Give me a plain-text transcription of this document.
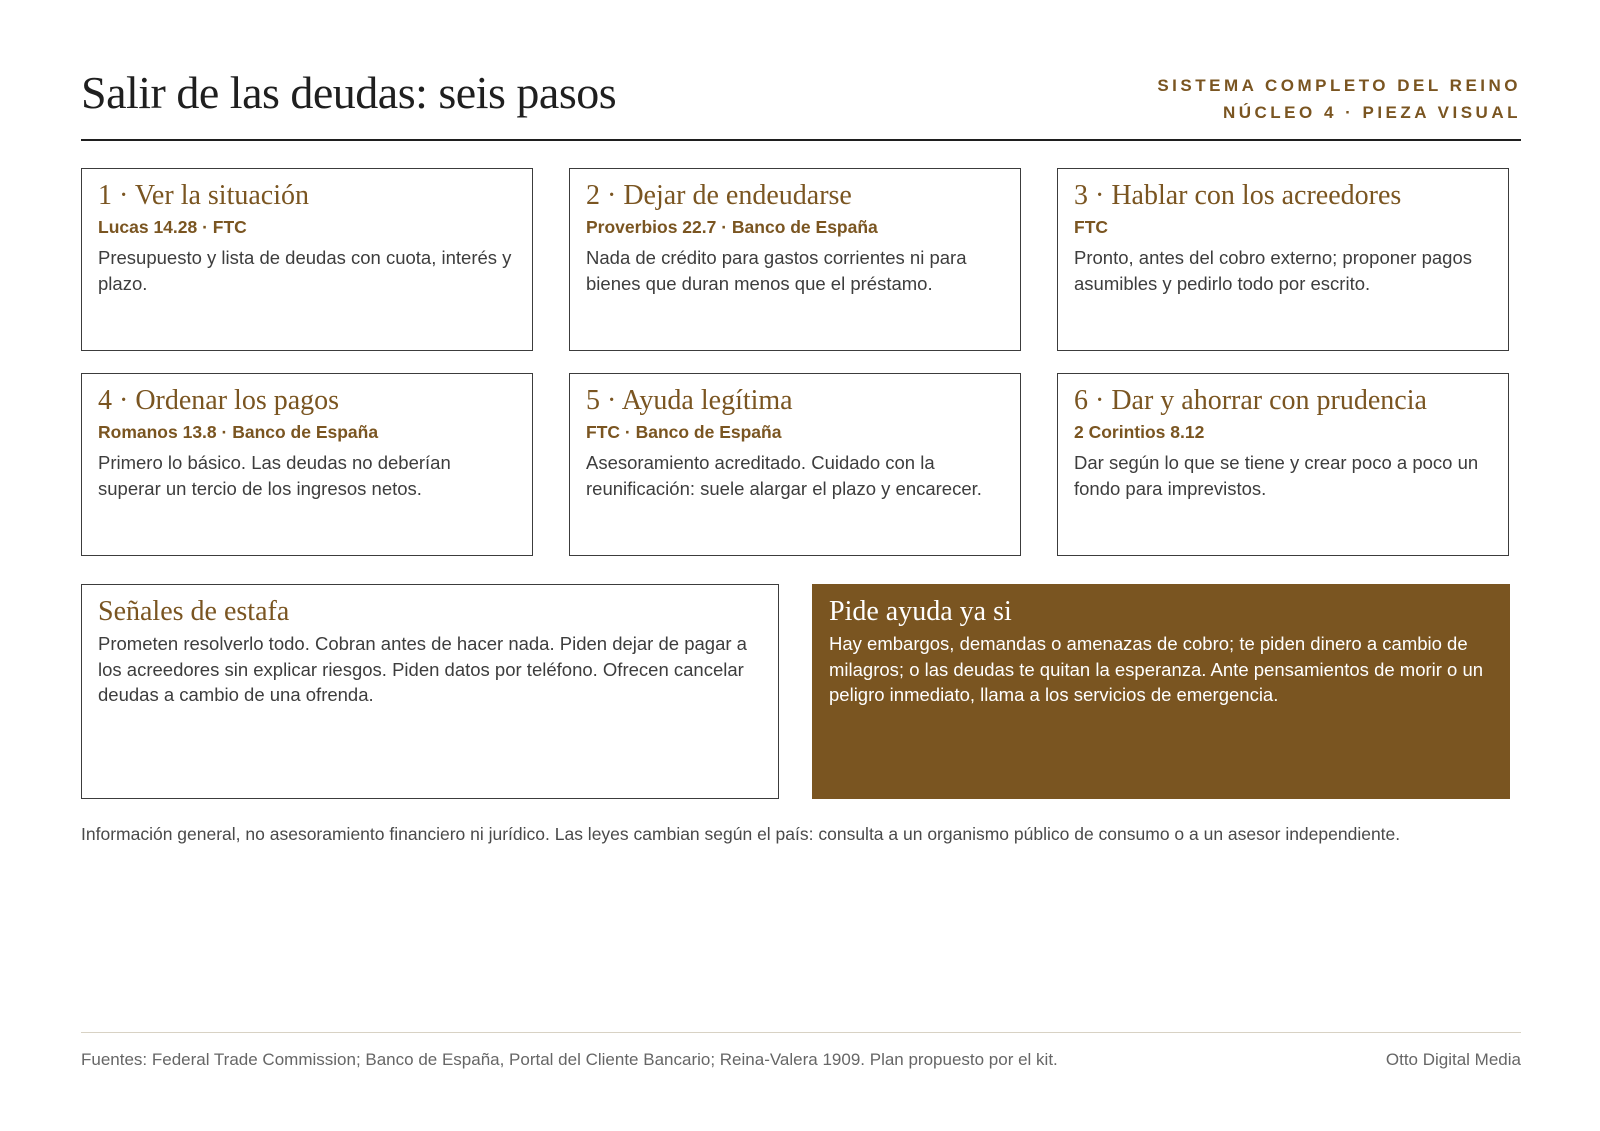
Salir de las deudas: seis pasos	SISTEMA COMPLETO DEL REINO
NÚCLEO 4 · PIEZA VISUAL
1 · Ver la situación
Lucas 14.28 · FTC
Presupuesto y lista de deudas con cuota, interés y plazo.
2 · Dejar de endeudarse
Proverbios 22.7 · Banco de España
Nada de crédito para gastos corrientes ni para bienes que duran menos que el préstamo.
3 · Hablar con los acreedores
FTC
Pronto, antes del cobro externo; proponer pagos asumibles y pedirlo todo por escrito.
4 · Ordenar los pagos
Romanos 13.8 · Banco de España
Primero lo básico. Las deudas no deberían superar un tercio de los ingresos netos.
5 · Ayuda legítima
FTC · Banco de España
Asesoramiento acreditado. Cuidado con la reunificación: suele alargar el plazo y encarecer.
6 · Dar y ahorrar con prudencia
2 Corintios 8.12
Dar según lo que se tiene y crear poco a poco un fondo para imprevistos.
Señales de estafa
Prometen resolverlo todo. Cobran antes de hacer nada. Piden dejar de pagar a los acreedores sin explicar riesgos. Piden datos por teléfono. Ofrecen cancelar deudas a cambio de una ofrenda.
Pide ayuda ya si
Hay embargos, demandas o amenazas de cobro; te piden dinero a cambio de milagros; o las deudas te quitan la esperanza. Ante pensamientos de morir o un peligro inmediato, llama a los servicios de emergencia.
Información general, no asesoramiento financiero ni jurídico. Las leyes cambian según el país: consulta a un organismo público de consumo o a un asesor independiente.
Fuentes: Federal Trade Commission; Banco de España, Portal del Cliente Bancario; Reina-Valera 1909. Plan propuesto por el kit.	Otto Digital Media
